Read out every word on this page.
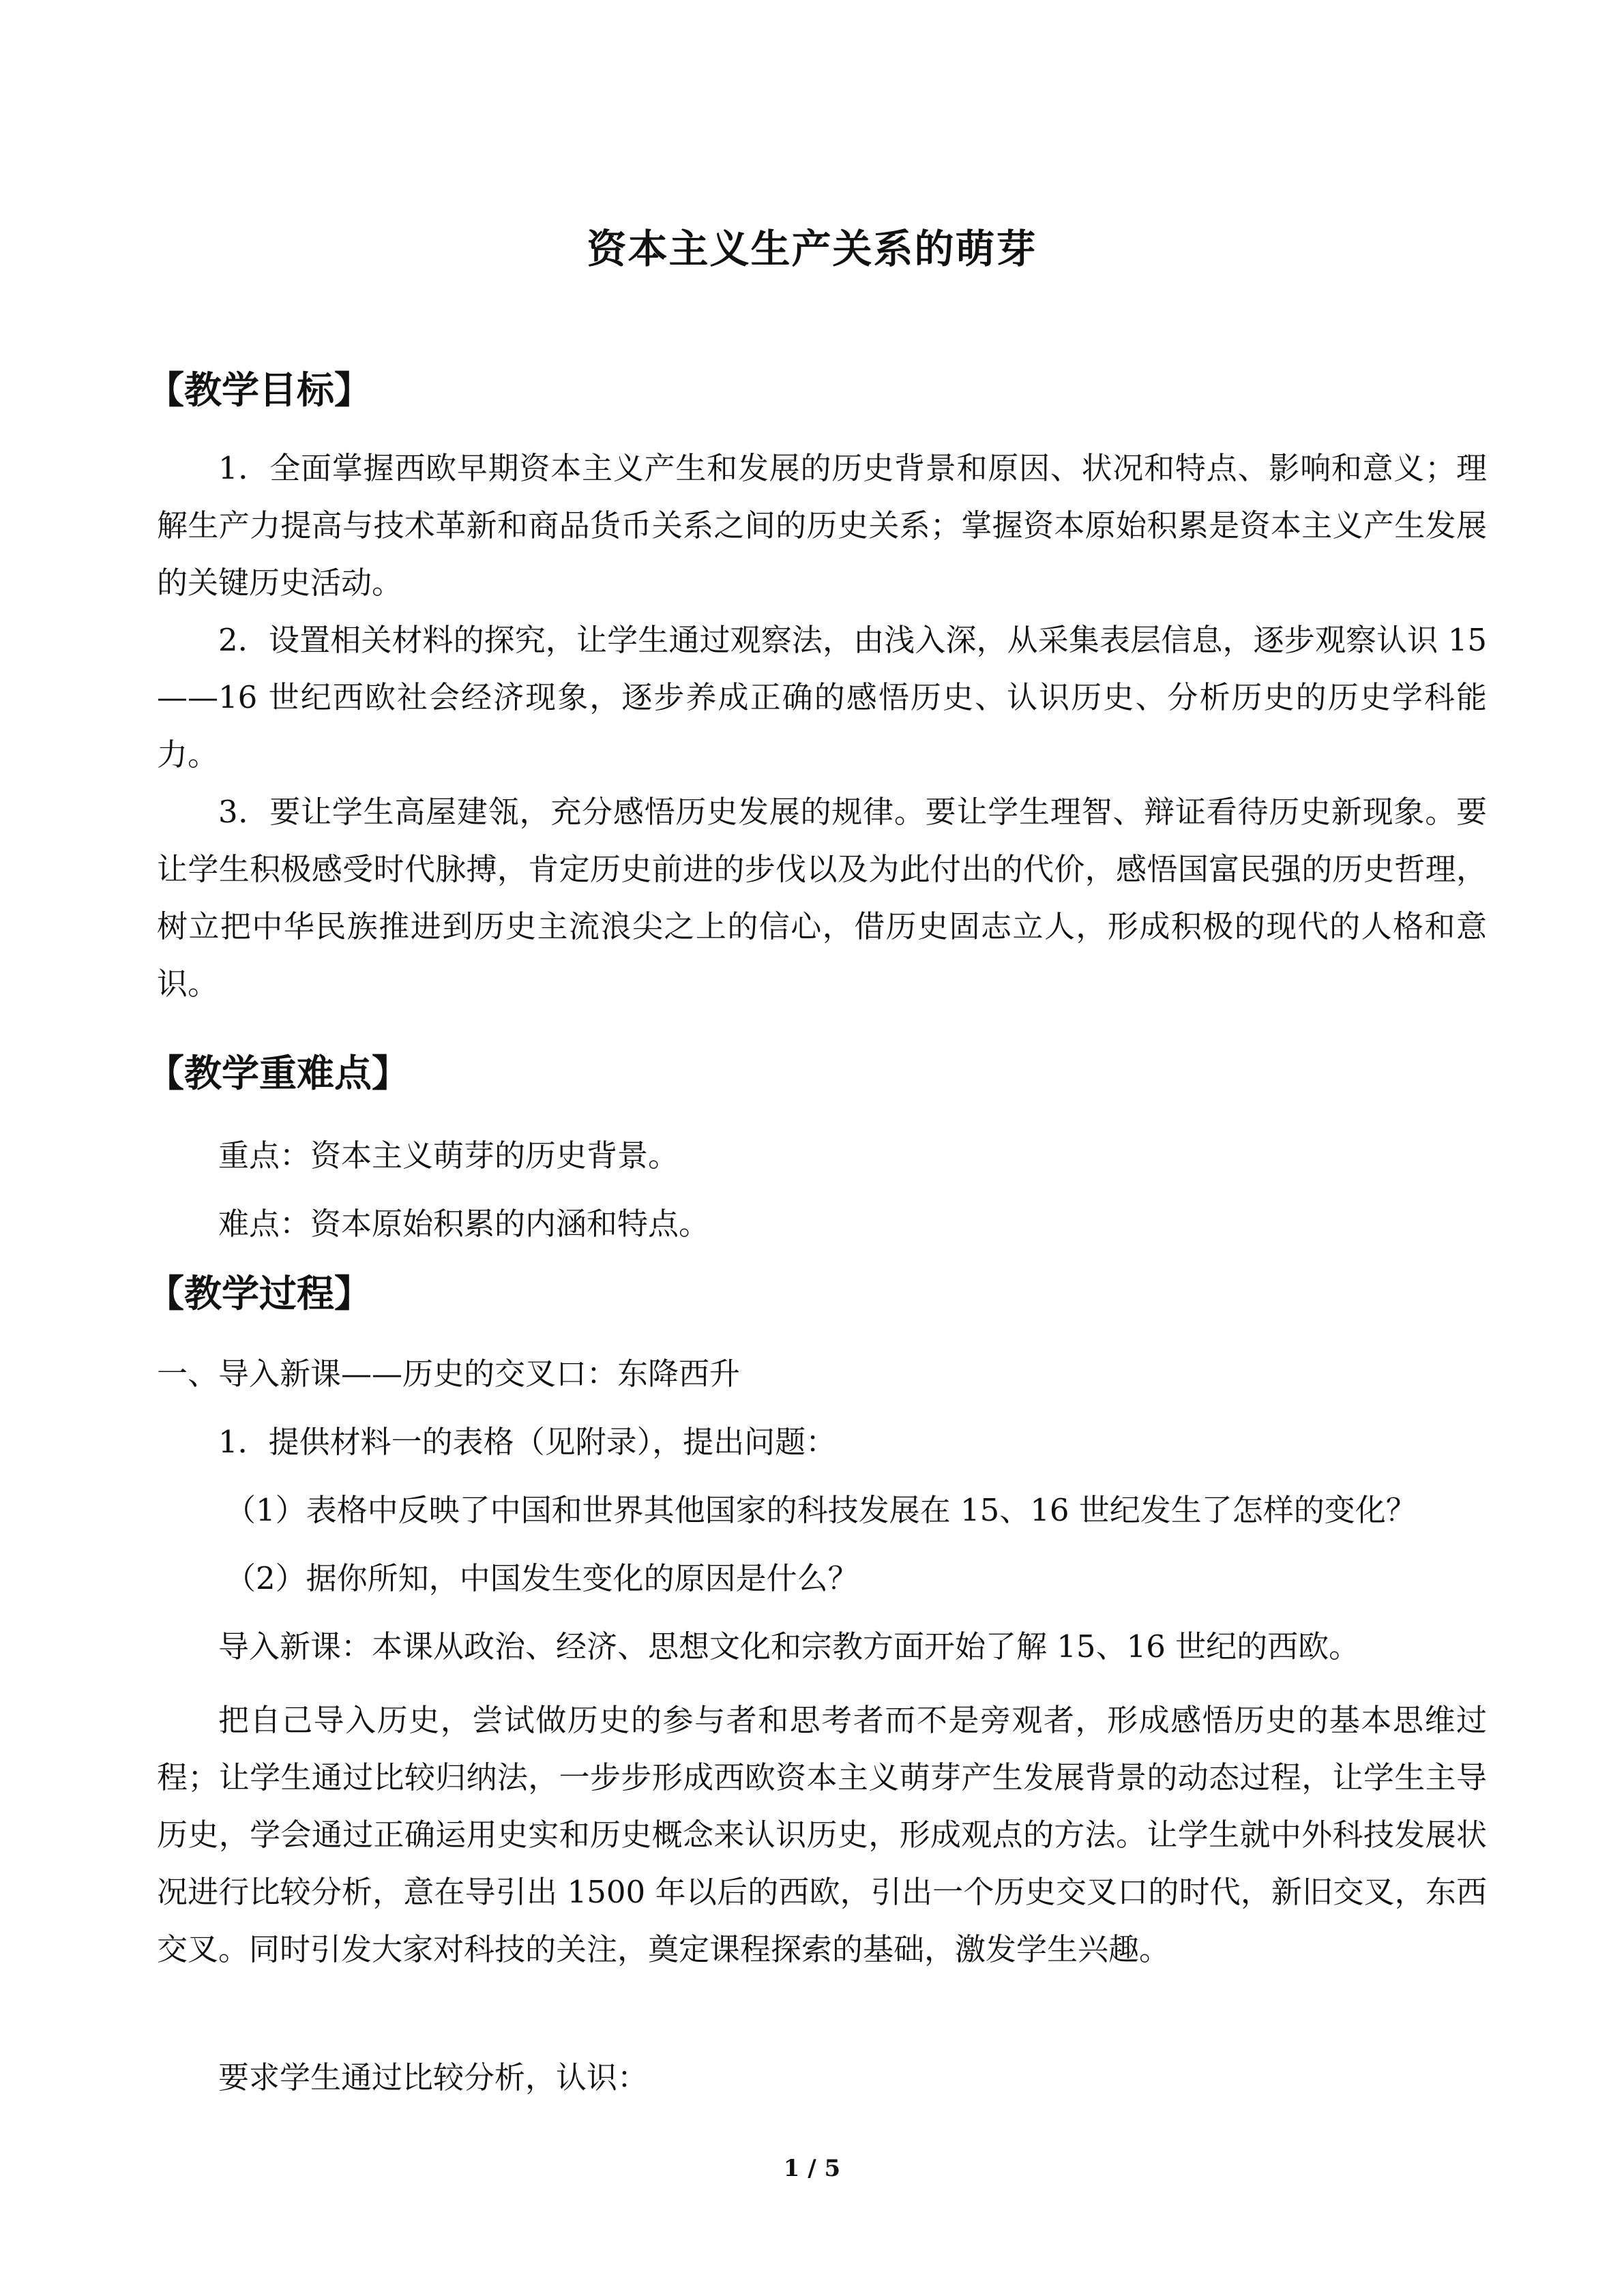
资本主义生产关系的萌芽
【教学目标】

1．全面掌握西欧早期资本主义产生和发展的历史背景和原因、状况和特点、影响和意义；理解生产力提高与技术革新和商品货币关系之间的历史关系；掌握资本原始积累是资本主义产生发展的关键历史活动。

2．设置相关材料的探究，让学生通过观察法，由浅入深，从采集表层信息，逐步观察认识 15——16 世纪西欧社会经济现象，逐步养成正确的感悟历史、认识历史、分析历史的历史学科能力。

3．要让学生高屋建瓴，充分感悟历史发展的规律。要让学生理智、辩证看待历史新现象。要让学生积极感受时代脉搏，肯定历史前进的步伐以及为此付出的代价，感悟国富民强的历史哲理，树立把中华民族推进到历史主流浪尖之上的信心，借历史固志立人，形成积极的现代的人格和意识。

【教学重难点】
重点：资本主义萌芽的历史背景。
难点：资本原始积累的内涵和特点。
【教学过程】
一、导入新课——历史的交叉口：东降西升
1．提供材料一的表格（见附录），提出问题：
（1）表格中反映了中国和世界其他国家的科技发展在 15、16 世纪发生了怎样的变化？
（2）据你所知，中国发生变化的原因是什么？
导入新课：本课从政治、经济、思想文化和宗教方面开始了解 15、16 世纪的西欧。

把自己导入历史，尝试做历史的参与者和思考者而不是旁观者，形成感悟历史的基本思维过程；让学生通过比较归纳法，一步步形成西欧资本主义萌芽产生发展背景的动态过程，让学生主导历史，学会通过正确运用史实和历史概念来认识历史，形成观点的方法。让学生就中外科技发展状况进行比较分析，意在导引出 1500 年以后的西欧，引出一个历史交叉口的时代，新旧交叉，东西交叉。同时引发大家对科技的关注，奠定课程探索的基础，激发学生兴趣。

要求学生通过比较分析，认识：
1 / 5
